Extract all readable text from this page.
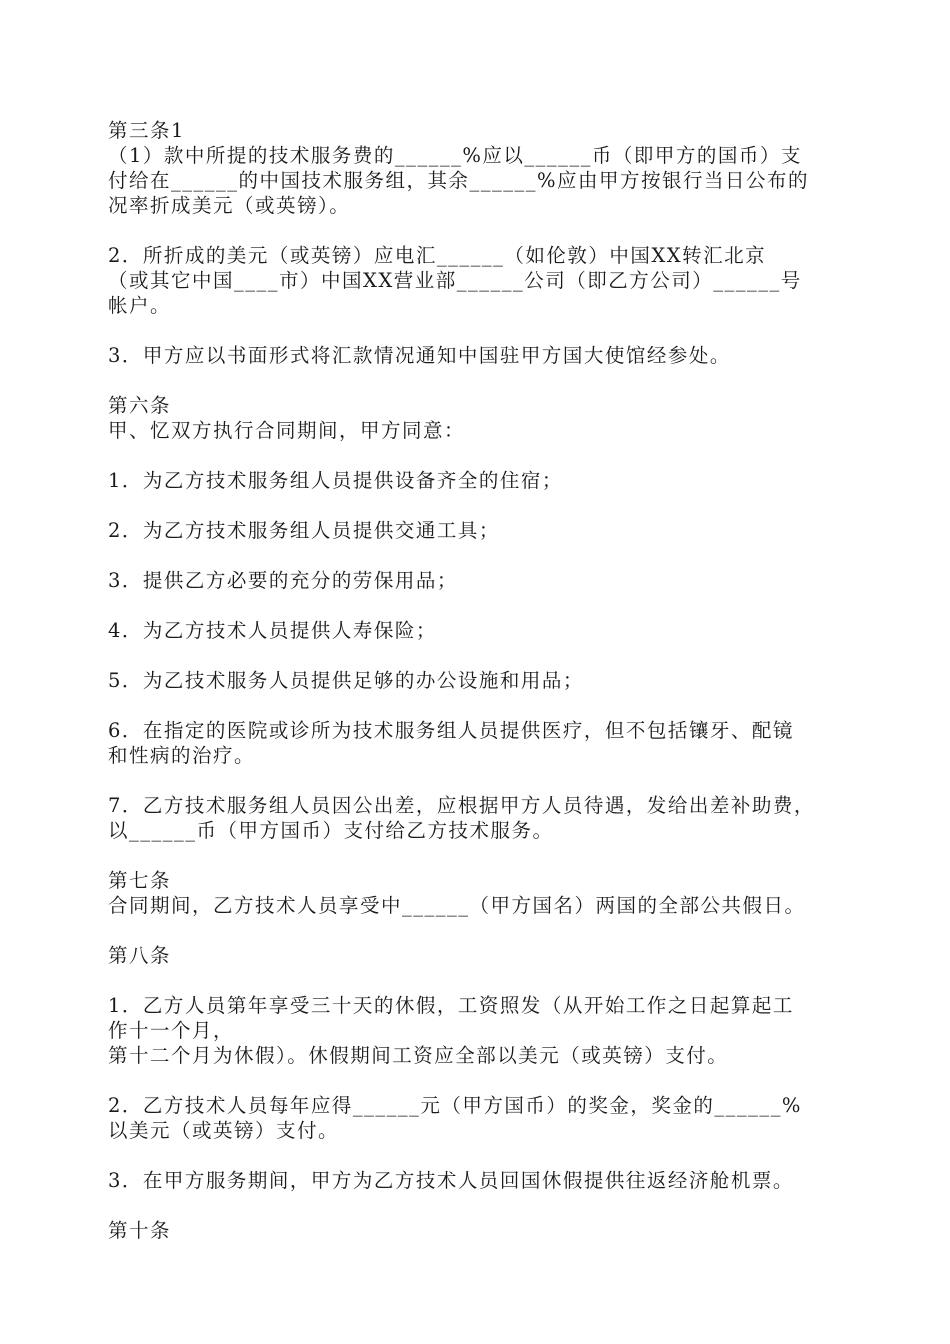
第三条1
（1）款中所提的技术服务费的______%应以______币（即甲方的国币）支
付给在______的中国技术服务组，其余______%应由甲方按银行当日公布的
况率折成美元（或英镑）。
2．所折成的美元（或英镑）应电汇______（如伦敦）中国XX转汇北京
（或其它中国____市）中国XX营业部______公司（即乙方公司）______号
帐户。
3．甲方应以书面形式将汇款情况通知中国驻甲方国大使馆经参处。
第六条
甲、忆双方执行合同期间，甲方同意：
1．为乙方技术服务组人员提供设备齐全的住宿；
2．为乙方技术服务组人员提供交通工具；
3．提供乙方必要的充分的劳保用品；
4．为乙方技术人员提供人寿保险；
5．为乙技术服务人员提供足够的办公设施和用品；
6．在指定的医院或诊所为技术服务组人员提供医疗，但不包括镶牙、配镜
和性病的治疗。
7．乙方技术服务组人员因公出差，应根据甲方人员待遇，发给出差补助费，
以______币（甲方国币）支付给乙方技术服务。
第七条
合同期间，乙方技术人员享受中______（甲方国名）两国的全部公共假日。
第八条
1．乙方人员第年享受三十天的休假，工资照发（从开始工作之日起算起工
作十一个月，
第十二个月为休假）。休假期间工资应全部以美元（或英镑）支付。
2．乙方技术人员每年应得______元（甲方国币）的奖金，奖金的______%
以美元（或英镑）支付。
3．在甲方服务期间，甲方为乙方技术人员回国休假提供往返经济舱机票。
第十条
